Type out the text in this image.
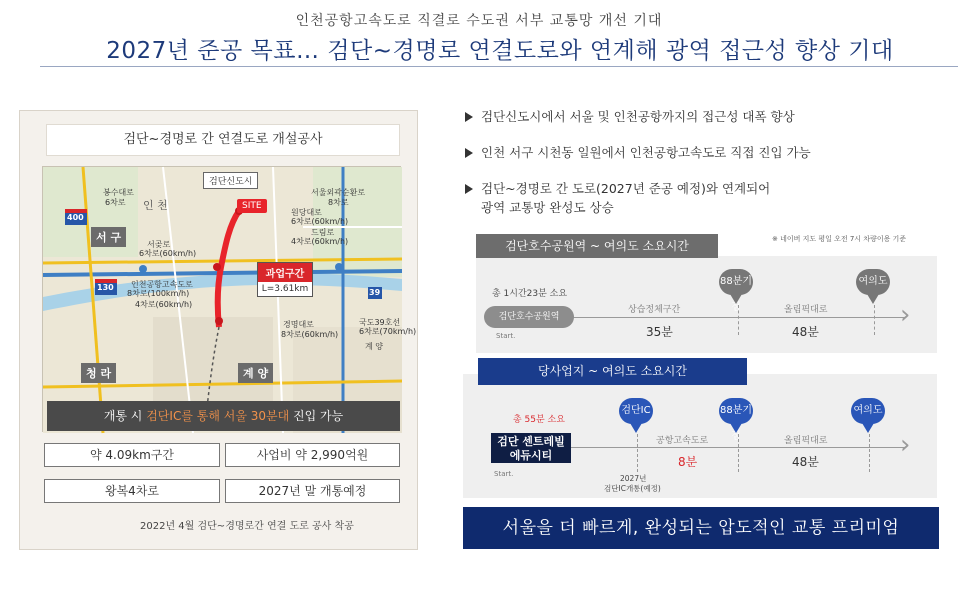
인천공항고속도로 직결로 수도권 서부 교통망 개선 기대
2027년 준공 목표… 검단~경명로 연결도로와 연계해 광역 접근성 향상 기대
검단~경명로 간 연결도로 개설공사
400
130
39
검단신도시
SITE
서 구
청 라	계 양
봉수대로
6차로 인 천
서울외곽순환로
8차로
원당대로
6차로(60km/h)
드림로
4차로(60km/h)
서곶로
6차로(60km/h)
인천공항고속도로
8차로(100km/h)
4차로(60km/h)
경명대로
8차로(60km/h)
국도39호선
6차로(70km/h)
계 양
과업구간
L=3.61km
개통 시 검단IC를 통해 서울 30분대 진입 가능
약 4.09km구간	사업비 약 2,990억원
왕복4차로	2027년 말 개통예정
2022년 4월 검단~경명로간 연결 도로 공사 착공
검단신도시에서 서울 및 인천공항까지의 접근성 대폭 향상
인천 서구 시천동 일원에서 인천공항고속도로 직접 진입 가능
검단~경명로 간 도로(2027년 준공 예정)와 연계되어
광역 교통망 완성도 상승
※ 네이버 지도 평일 오전 7시 차량이용 기준
검단호수공원역 ~ 여의도 소요시간
총 1시간23분 소요
검단호수공원역
Start.
88분기점
여의도
상습정체구간
35분
올림픽대로
48분
›
당사업지 ~ 여의도 소요시간
총 55분 소요
검단 센트레빌
에듀시티
Start.
검단IC	88분기점
여의도
공항고속도로
8분
올림픽대로
48분
2027년
검단IC개통(예정)
›
서울을 더 빠르게, 완성되는 압도적인 교통 프리미엄
